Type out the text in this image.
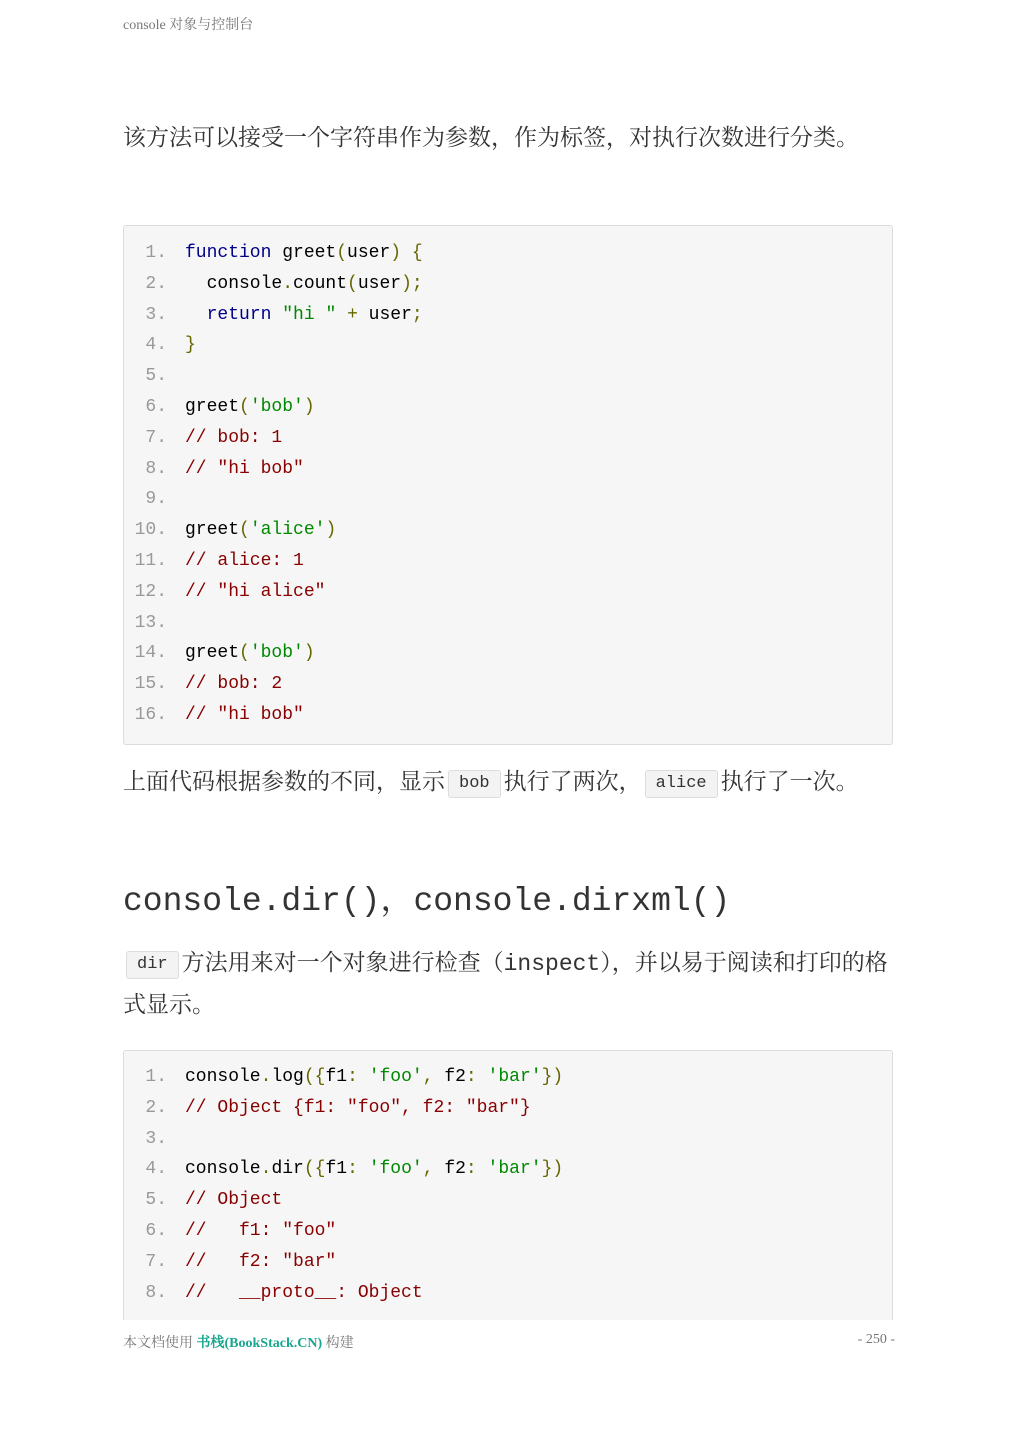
console 对象与控制台

该方法可以接受一个字符串作为参数，作为标签，对执行次数进行分类。

1. function greet(user) {
2. console.count(user);
3.	return "hi " + user;
4. }
5.
6. greet('bob')
7. // bob: 1
8. // "hi bob"
9.
10. greet('alice')
11. // alice: 1
12. // "hi alice"
13.
14. greet('bob')
15. // bob: 2
16. // "hi bob"

上面代码根据参数的不同，显示 bob 执行了两次， alice 执行了一次。

console.dir()，console.dirxml()

dir 方法用来对一个对象进行检查（inspect），并以易于阅读和打印的格式显示。

1. console.log({f1: 'foo', f2: 'bar'})
2. // Object {f1: "foo", f2: "bar"}
3.
4. console.dir({f1: 'foo', f2: 'bar'})
5. // Object
6. //   f1: "foo"
7. //   f2: "bar"
8. //   __proto__: Object
本文档使用 书栈(BookStack.CN) 构建	- 250 -
